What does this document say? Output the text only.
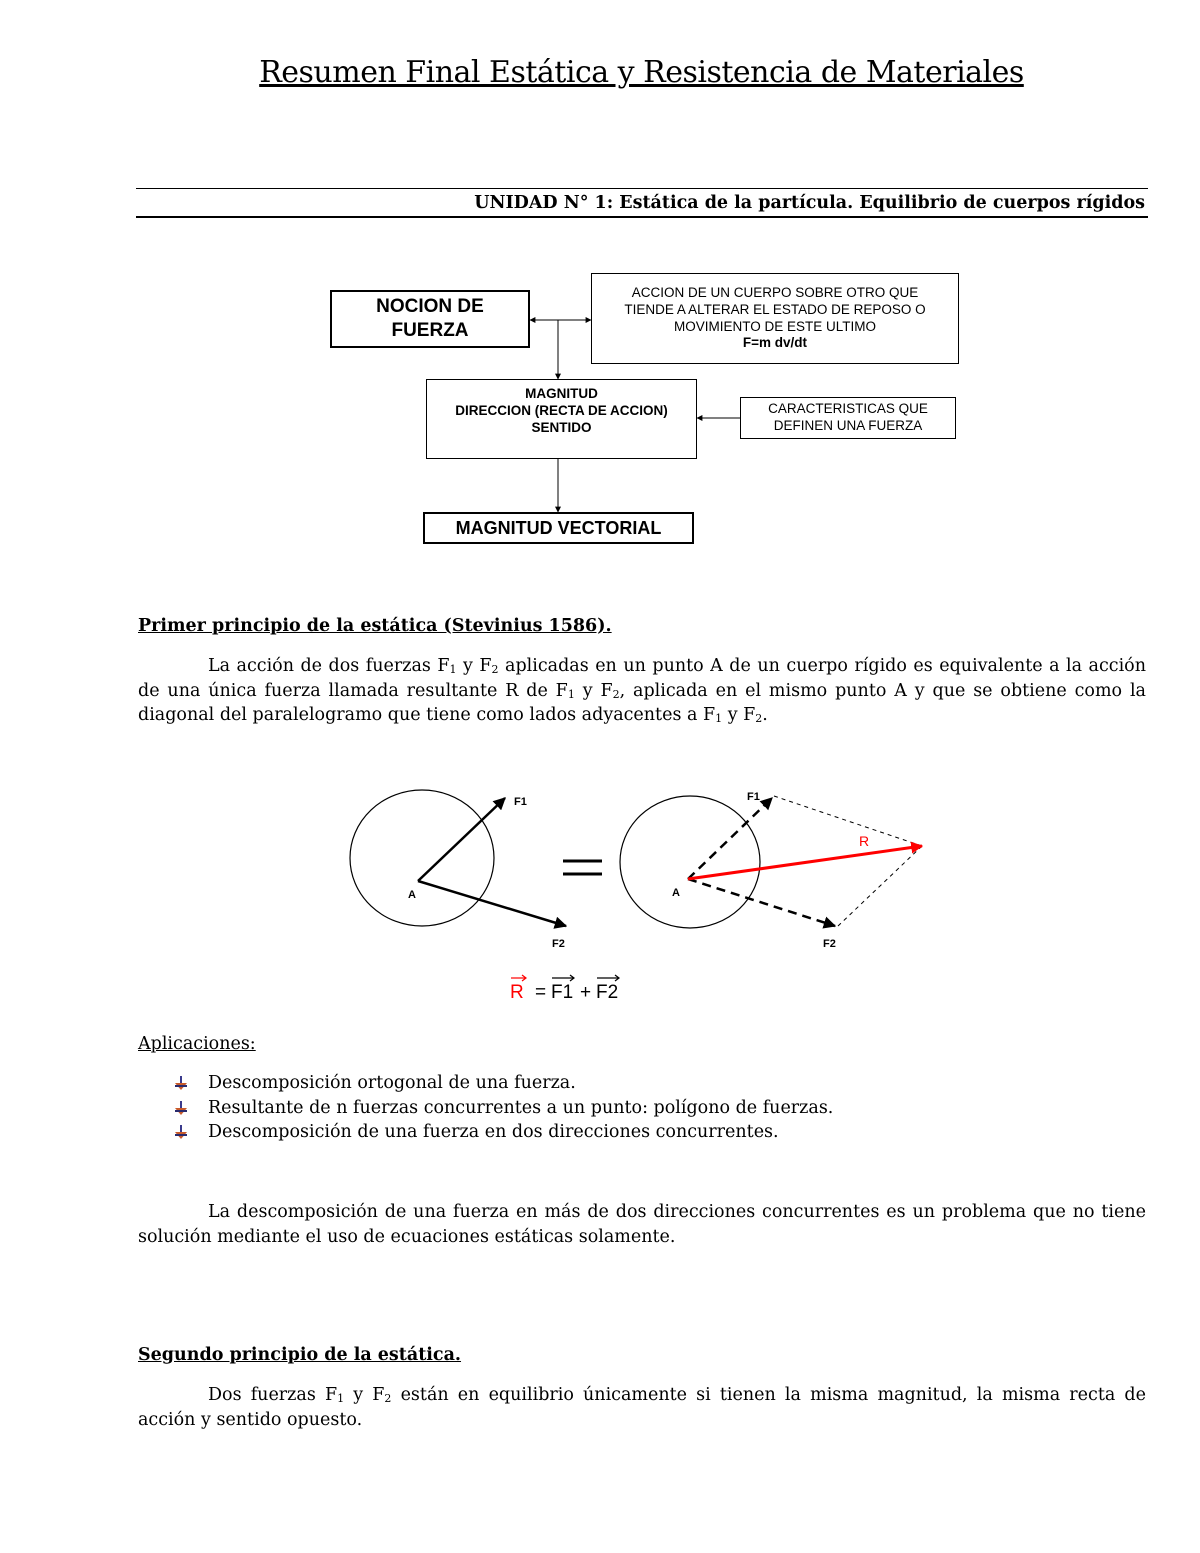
Resumen Final Estática y Resistencia de Materiales
UNIDAD N° 1: Estática de la partícula. Equilibrio de cuerpos rígidos
NOCION DE
FUERZA
ACCION DE UN CUERPO SOBRE OTRO QUE
TIENDE A ALTERAR EL ESTADO DE REPOSO O
MOVIMIENTO DE ESTE ULTIMO
F=m dv/dt
MAGNITUD
DIRECCION (RECTA DE ACCION)
SENTIDO
CARACTERISTICAS QUE
DEFINEN UNA FUERZA
MAGNITUD VECTORIAL
Primer principio de la estática (Stevinius 1586).
La acción de dos fuerzas $F_1$ y $F_2$ aplicadas en un punto A de un cuerpo rígido es equivalente a la acción de una única fuerza llamada resultante R de $F_1$ y $F_2$, aplicada en el mismo punto A y que se obtiene como la diagonal del paralelogramo que tiene como lados adyacentes a $F_1$ y $F_2$.
A
F1
F2
A
F1
F2
R
R = F1 + F2
Aplicaciones:
Descomposición ortogonal de una fuerza.
Resultante de n fuerzas concurrentes a un punto: polígono de fuerzas.
Descomposición de una fuerza en dos direcciones concurrentes.
La descomposición de una fuerza en más de dos direcciones concurrentes es un problema que no tiene solución mediante el uso de ecuaciones estáticas solamente.
Segundo principio de la estática.
Dos fuerzas $F_1$ y $F_2$ están en equilibrio únicamente si tienen la misma magnitud, la misma recta de acción y sentido opuesto.
